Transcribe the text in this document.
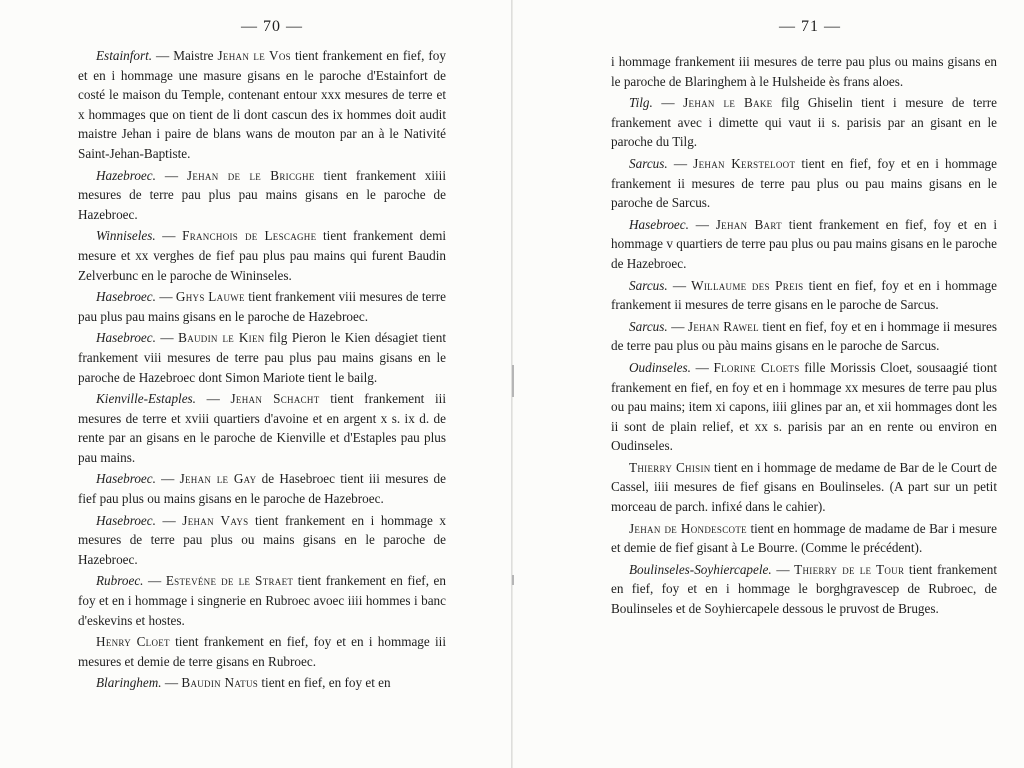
— 70 —

Estainfort. — Maistre Jehan le Vos tient frankement en fief, foy et en i hommage une masure gisans en le paroche d'Estainfort de costé le maison du Temple, contenant entour xxx mesures de terre et x hommages que on tient de li dont cascun des ix hommes doit audit maistre Jehan i paire de blans wans de mouton par an à le Nativité Saint-Jehan-Baptiste.

Hazebroec. — Jehan de le Bricghe tient frankement xiiii mesures de terre pau plus pau mains gisans en le paroche de Hazebroec.

Winniseles. — Franchois de Lescaghe tient frankement demi mesure et xx verghes de fief pau plus pau mains qui furent Baudin Zelverbunc en le paroche de Wininseles.

Hasebroec. — Ghys Lauwe tient frankement viii mesures de terre pau plus pau mains gisans en le paroche de Hazebroec.

Hasebroec. — Baudin le Kien filg Pieron le Kien désagiet tient frankement viii mesures de terre pau plus pau mains gisans en le paroche de Hazebroec dont Simon Mariote tient le bailg.

Kienville-Estaples. — Jehan Schacht tient frankement iii mesures de terre et xviii quartiers d'avoine et en argent x s. ix d. de rente par an gisans en le paroche de Kienville et d'Estaples pau plus pau mains.

Hasebroec. — Jehan le Gay de Hasebroec tient iii mesures de fief pau plus ou mains gisans en le paroche de Hazebroec.

Hasebroec. — Jehan Vays tient frankement en i hommage x mesures de terre pau plus ou mains gisans en le paroche de Hazebroec.

Rubroec. — Estevéne de le Straet tient frankement en fief, en foy et en i hommage i singnerie en Rubroec avoec iiii hommes i banc d'eskevins et hostes.

Henry Cloet tient frankement en fief, foy et en i hommage iii mesures et demie de terre gisans en Rubroec.

Blaringhem. — Baudin Natus tient en fief, en foy et en

— 71 —

i hommage frankement iii mesures de terre pau plus ou mains gisans en le paroche de Blaringhem à le Hulsheide ès frans aloes.

Tilg. — Jehan le Bake filg Ghiselin tient i mesure de terre frankement avec i dimette qui vaut ii s. parisis par an gisant en le paroche du Tilg.

Sarcus. — Jehan Kersteloot tient en fief, foy et en i hommage frankement ii mesures de terre pau plus ou pau mains gisans en le paroche de Sarcus.

Hasebroec. — Jehan Bart tient frankement en fief, foy et en i hommage v quartiers de terre pau plus ou pau mains gisans en le paroche de Hazebroec.

Sarcus. — Willaume des Preis tient en fief, foy et en i hommage frankement ii mesures de terre gisans en le paroche de Sarcus.

Sarcus. — Jehan Rawel tient en fief, foy et en i hommage ii mesures de terre pau plus ou pàu mains gisans en le paroche de Sarcus.

Oudinseles. — Florine Cloets fille Morissis Cloet, sousaagié tiont frankement en fief, en foy et en i hommage xx mesures de terre pau plus ou pau mains; item xi capons, iiii glines par an, et xii hommages dont les ii sont de plain relief, et xx s. parisis par an en rente ou environ en Oudinseles.

Thierry Chisin tient en i hommage de medame de Bar de le Court de Cassel, iiii mesures de fief gisans en Boulinseles. (A part sur un petit morceau de parch. infixé dans le cahier).

Jehan de Hondescote tient en hommage de madame de Bar i mesure et demie de fief gisant à Le Bourre. (Comme le précédent).

Boulinseles-Soyhiercapele. — Thierry de le Tour tient frankement en fief, foy et en i hommage le borghgravescep de Rubroec, de Boulinseles et de Soyhiercapele dessous le pruvost de Bruges.
